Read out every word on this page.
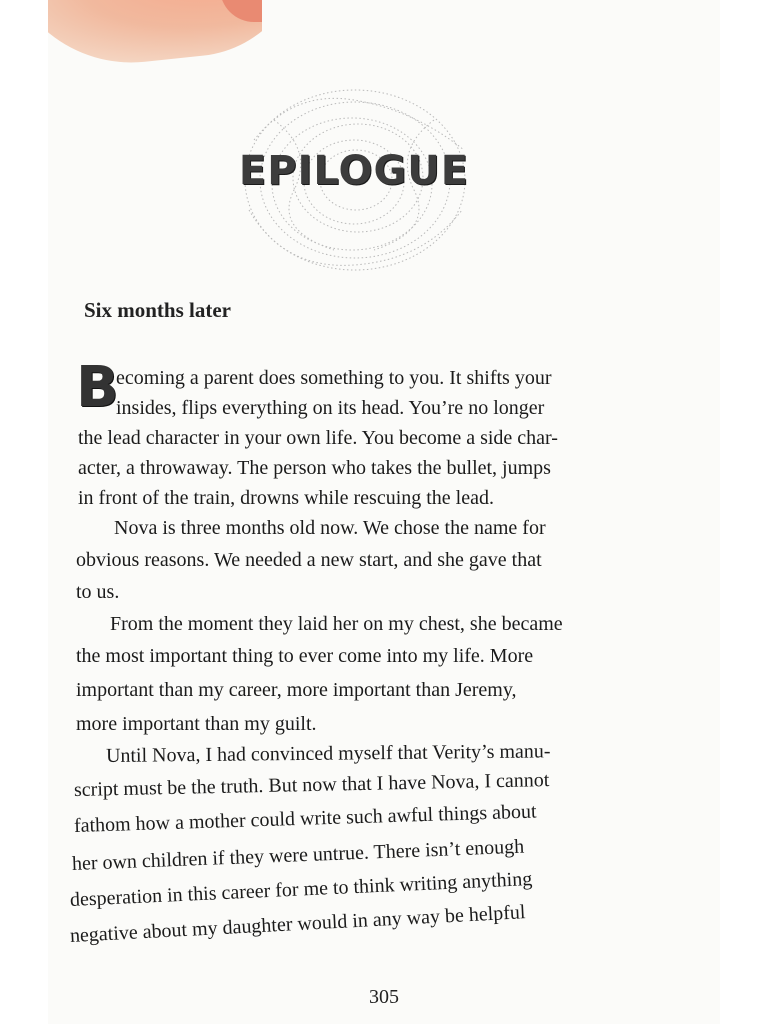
EPILOGUE
Six months later
B
ecoming a parent does something to you. It shifts your
insides, flips everything on its head. You’re no longer
the lead character in your own life. You become a side char-
acter, a throwaway. The person who takes the bullet, jumps
in front of the train, drowns while rescuing the lead.
Nova is three months old now. We chose the name for
obvious reasons. We needed a new start, and she gave that
to us.
From the moment they laid her on my chest, she became
the most important thing to ever come into my life. More
important than my career, more important than Jeremy,
more important than my guilt.
Until Nova, I had convinced myself that Verity’s manu-
script must be the truth. But now that I have Nova, I cannot
fathom how a mother could write such awful things about
her own children if they were untrue. There isn’t enough
desperation in this career for me to think writing anything
negative about my daughter would in any way be helpful
305
